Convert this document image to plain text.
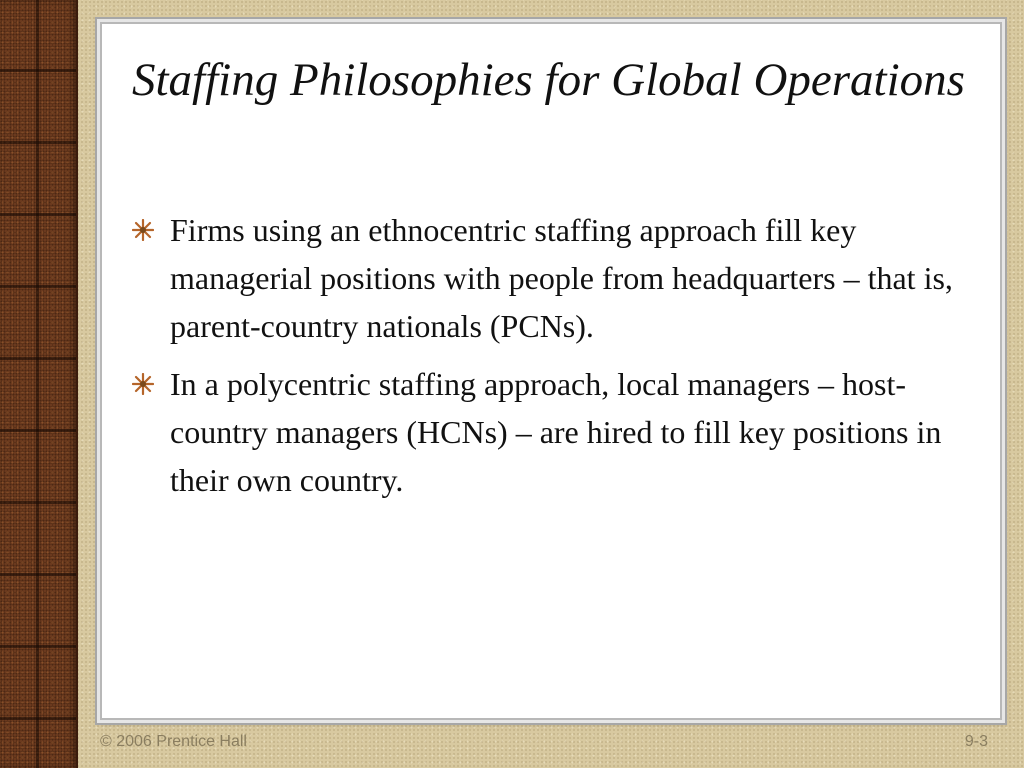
Staffing Philosophies for Global Operations
Firms using an ethnocentric staffing approach fill key managerial positions with people from headquarters – that is, parent-country nationals (PCNs).
In a polycentric staffing approach, local managers – host-country managers (HCNs) – are hired to fill key positions in their own country.
© 2006 Prentice Hall	9-3
